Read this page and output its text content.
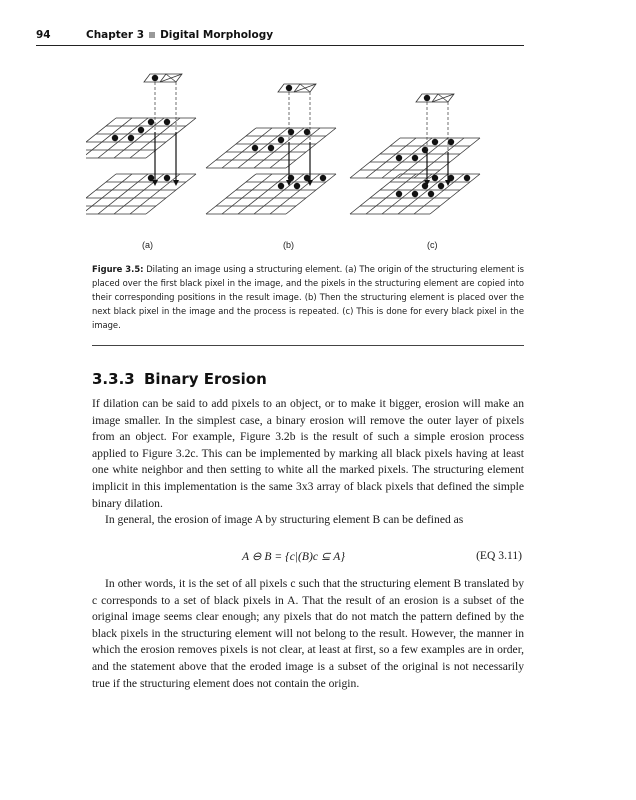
94	Chapter 3 Digital Morphology
(a)	(b)	(c)
Figure 3.5: Dilating an image using a structuring element. (a) The origin of the structuring element is placed over the first black pixel in the image, and the pixels in the structuring element are copied into their corresponding positions in the result image. (b) Then the structuring element is placed over the next black pixel in the image and the process is repeated. (c) This is done for every black pixel in the image.
3.3.3 Binary Erosion

If dilation can be said to add pixels to an object, or to make it bigger, erosion will make an image smaller. In the simplest case, a binary erosion will remove the outer layer of pixels from an object. For example, Figure 3.2b is the result of such a simple erosion process applied to Figure 3.2c. This can be implemented by marking all black pixels having at least one white neighbor and then setting to white all the marked pixels. The structuring element implicit in this implementation is the same 3x3 array of black pixels that defined the simple binary dilation.

In general, the erosion of image A by structuring element B can be defined as

A ⊖ B = {c|(B)c ⊆ A}	(EQ 3.11)

In other words, it is the set of all pixels c such that the structuring element B translated by c corresponds to a set of black pixels in A. That the result of an erosion is a subset of the original image seems clear enough; any pixels that do not match the pattern defined by the black pixels in the structuring element will not belong to the result. However, the manner in which the erosion removes pixels is not clear, at least at first, so a few examples are in order, and the statement above that the eroded image is a subset of the original is not necessarily true if the structuring element does not contain the origin.
